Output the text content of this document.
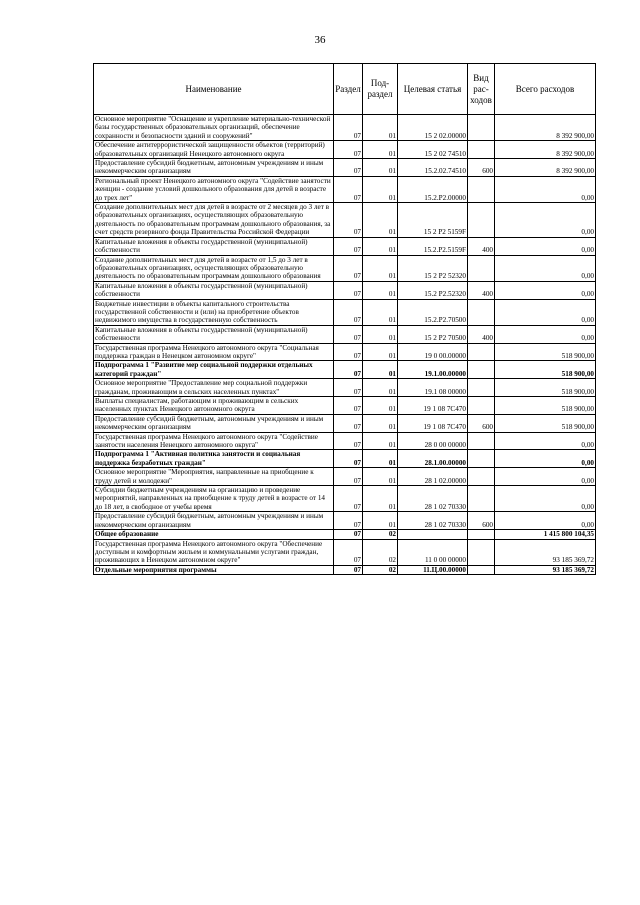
36
Наименование	Раздел	Под-раздел	Целевая статья	Вид рас-ходов	Всего расходов
Основное мероприятие "Оснащение и укрепление материально-технической базы государственных образовательных организаций, обеспечение сохранности и безопасности зданий и сооружений"	07	01	15 2 02.00000		8 392 900,00
Обеспечение антитеррористической защищенности объектов (территорий) образовательных организаций Ненецкого автономного округа	07	01	15 2 02 74510		8 392 900,00
Предоставление субсидий бюджетным, автономным учреждениям и иным некоммерческим организациям	07	01	15.2.02.74510	600	8 392 900,00
Региональный проект Ненецкого автономного округа "Содействие занятости женщин - создание условий дошкольного образования для детей в возрасте до трех лет"	07	01	15.2.P2.00000		0,00
Создание дополнительных мест для детей в возрасте от 2 месяцев до 3 лет в образовательных организациях, осуществляющих образовательную деятельность по образовательным программам дошкольного образования, за счет средств резервного фонда Правительства Российской Федерации	07	01	15 2 P2 5159F		0,00
Капитальные вложения в объекты государственной (муниципальной) собственности	07	01	15.2.P2.5159F	400	0,00
Создание дополнительных мест для детей в возрасте от 1,5 до 3 лет в образовательных организациях, осуществляющих образовательную деятельность по образовательным программам дошкольного образования	07	01	15 2 P2 52320		0,00
Капитальные вложения в объекты государственной (муниципальной) собственности	07	01	15.2 P2.52320	400	0,00
Бюджетные инвестиции в объекты капитального строительства государственной собственности и (или) на приобретение объектов недвижимого имущества в государственную собственность	07	01	15.2.P2.70500		0,00
Капитальные вложения в объекты государственной (муниципальной) собственности	07	01	15 2 P2 70500	400	0,00
Государственная программа Ненецкого автономного округа "Социальная поддержка граждан в Ненецком автономном округе"	07	01	19 0 00.00000		518 900,00
Подпрограмма 1 "Развитие мер социальной поддержки отдельных категорий граждан"	07	01	19.1.00.00000		518 900,00
Основное мероприятие "Предоставление мер социальной поддержки гражданам, проживающим в сельских населенных пунктах"	07	01	19.1 08 00000		518 900,00
Выплаты специалистам, работающим и проживающим в сельских населенных пунктах Ненецкого автономного округа	07	01	19 1 08 7C470		518 900,00
Предоставление субсидий бюджетным, автономным учреждениям и иным некоммерческим организациям	07	01	19 1 08 7C470	600	518 900,00
Государственная программа Ненецкого автономного округа "Содействие занятости населения Ненецкого автономного округа"	07	01	28 0 00 00000		0,00
Подпрограмма 1 "Активная политика занятости и социальная поддержка безработных граждан"	07	01	28.1.00.00000		0,00
Основное мероприятие "Мероприятия, направленные на приобщение к труду детей и молодежи"	07	01	28 1 02.00000		0,00
Субсидии бюджетным учреждениям на организацию и проведение мероприятий, направленных на приобщение к труду детей в возрасте от 14 до 18 лет, в свободное от учебы время	07	01	28 1 02 70330		0,00
Предоставление субсидий бюджетным, автономным учреждениям и иным некоммерческим организациям	07	01	28 1 02 70330	600	0,00
Общее образование	07	02			1 415 800 104,35
Государственная программа Ненецкого автономного округа "Обеспечение доступным и комфортным жильем и коммунальными услугами граждан, проживающих в Ненецком автономном округе"	07	02	11 0 00 00000		93 185 369,72
Отдельные мероприятия программы	07	02	11.Ц.00.00000		93 185 369,72
